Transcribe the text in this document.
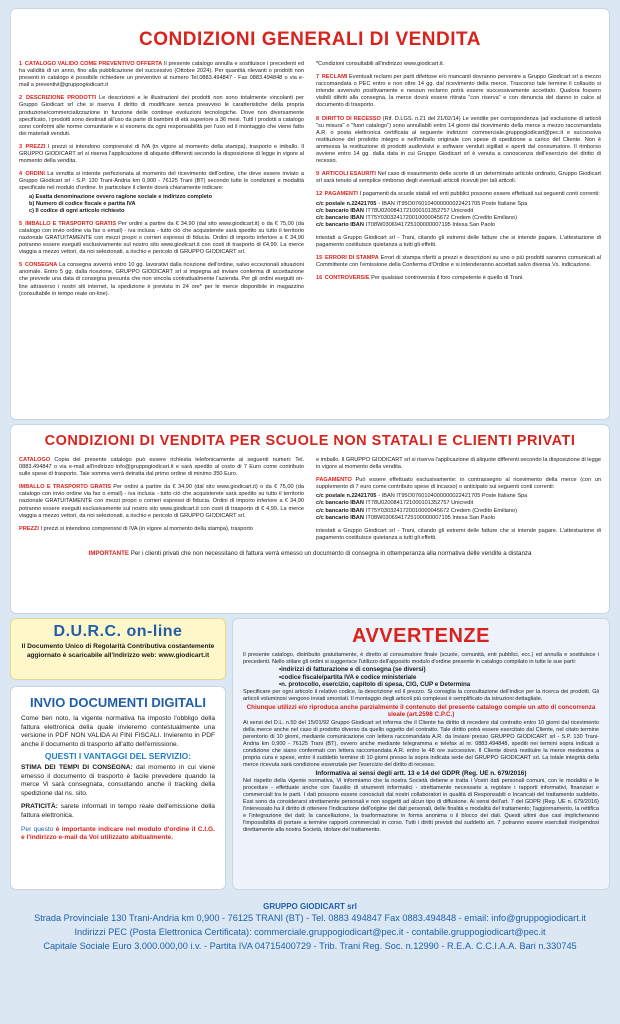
CONDIZIONI GENERALI DI VENDITA

1 CATALOGO VALIDO COME PREVENTIVO OFFERTA Il presente catalogo annulla e sostituisce i precedenti ed ha validità di un anno, fino alla pubblicazione del successivo (Ottobre 2024). Per quantità rilevanti o prodotti non presenti in catalogo è possibile richiedere un preventivo al numero Tel.0883.494847 - Fax 0883.494848 o via e-mail a preventivi@gruppogiodicart.it

2 DESCRIZIONE PRODOTTI Le descrizioni e le illustrazioni dei prodotti non sono totalmente vincolanti per Gruppo Giodicart srl che si riserva il diritto di modificare senza preavviso le caratteristiche della propria produzione/commercializzazione in funzione delle continue evoluzioni tecnologiche. Dove non diversamente specificato, i prodotti sono destinati all'uso da parte di bambini di età superiore a 36 mesi. Tutti i prodotti a catalogo sono conformi alle norme comunitarie e si esonera da ogni responsabilità per l'uso ed il montaggio che viene fatto dei materiali venduti.

3 PREZZI I prezzi si intendono comprensivi di IVA (in vigore al momento della stampa), trasporto e imballo. Il GRUPPO GIODICART srl si riserva l'applicazione di aliquote differenti secondo la disposizione di legge in vigore al momento della vendita.

4 ORDINI La vendita si intende perfezionata al momento del ricevimento dell'ordine, che deve essere inviato a Gruppo Giodicart srl - S.P. 130 Trani-Andria km 0,900 - 76125 Trani (BT) secondo tutte le condizioni e modalità specificate nel modulo d'ordine. In particolare il cliente dovrà chiaramente indicare:
a) Esatta denominazione ovvero ragione sociale e indirizzo completo
b) Numero di codice fiscale e partita IVA
c) Il codice di ogni articolo richiesto

5 IMBALLO E TRASPORTO GRATIS Per ordini a partire da € 34,90 (dal sito www.giodicart.it) o da € 75,00 (da catalogo con invio ordine via fax o email) - iva inclusa - tutto ciò che acquisterete sarà spedito su tutto il territorio nazionale GRATUITAMENTE con mezzi propri o corrieri espressi di fiducia. Ordini di importo inferiore a € 34,90 potranno essere eseguiti esclusivamente sul nostro sito www.giodicart.it con costi di trasporto di €4,99. La merce viaggia a mezzo vettori, da noi selezionati, a rischio e pericolo di GRUPPO GIODICART srl.

5 CONSEGNA La consegna avverrà entro 10 gg. lavorativi dalla ricezione dell'ordine, salvo eccezionali situazioni anomale. Entro 5 gg. dalla ricezione, GRUPPO GIODICART srl si impegna ad inviare conferma di accettazione che prevede una data di consegna presunta che non vincola contrattualmente l'azienda. Per gli ordini eseguiti on-line attraverso i nostri siti internet, la spedizione è prevista in 24 ore* per le merce disponibile in magazzino (consultabile in tempo reale on-line).

*Condizioni consultabili all'indirizzo www.giodicart.it.

7 RECLAMI Eventuali reclami per parti difettose e/o mancanti dovranno pervenire a Gruppo Giodicart srl a mezzo raccomandata o PEC entro e non oltre 14 gg. dal ricevimento della merce. Trascorso tale termine il collaudo si intende avvenuto positivamente e nessun reclamo potrà essere successivamente accettato. Qualora fossero visibili difetti alla consegna, la merce dovrà essere ritirata "con riserva" e con denuncia del danno in calce al documento di trasporto.

8 DIRITTO DI RECESSO (Rif. D.LGS. n.21 del 21/02/14) Le vendite per corrispondenza (ad esclusione di articoli "su misura" o "fuori catalogo") sono annullabili entro 14 giorni dal ricevimento della merce a mezzo raccomandata A.R. o posta elettronica certificata al seguente indirizzo: commerciale.gruppogiodicart@pec.it e successiva restituzione del prodotto integro e nell'imballo originale con spese di spedizione a carico del Cliente. Non è ammessa la restituzione di prodotti audiovisivi e software venduti sigillati e aperti dal consumatore. Il rimborso avviene entro 14 gg. dalla data in cui Gruppo Giodicart srl è venuta a conoscenza dell'esercizio del diritto di recesso.

9 ARTICOLI ESAURITI Nel caso di esaurimento delle scorte di un determinato articolo ordinato, Gruppo Giodicart srl sarà tenuto al semplice rimborso degli eventuali articoli ricevuti per tali articoli.

12 PAGAMENTI I pagamenti da scuole statali ed enti pubblici possono essere effettuati sui seguenti conti correnti:
c/c postale n.22421705 - IBAN IT95O0760104000000022421705 Poste Italiane Spa
c/c bancario IBAN IT78U0200841721000101352757 Unicredit
c/c bancario IBAN IT75Y0303241720010000045672 Credem (Credito Emiliano)
c/c bancario IBAN IT08W0306941725100000007195 Intesa San Paolo

intestati a Gruppo Giodicart srl - Trani, citando gli estremi delle fatture che si intende pagare. L'attestazione di pagamento costituisce quietanza a tutti gli effetti.

15 ERRORI DI STAMPA Errori di stampa riferiti a prezzi e descrizioni su uno o più prodotti saranno comunicati al Committente con l'emissione della Conferma d'Ordine e si intenderanno accettati salvo diversa Vs. indicazione.

16 CONTROVERSIE Per qualsiasi controversia il foro competente è quello di Trani.

CONDIZIONI DI VENDITA PER SCUOLE NON STATALI E CLIENTI PRIVATI

CATALOGO Copia del presente catalogo può essere richiesta telefonicamente ai seguenti numeri: Tel. 0883.494847 o via e-mail all'indirizzo info@gruppogiodicart.it e sarà spedito al costo di 7 Euro come contributo sulle spese di trasporto. Tale somma verrà detratta dal primo ordine di minimo 350 Euro.

IMBALLO E TRASPORTO GRATIS Per ordini a partire da € 34,90 (dal sito www.giodicart.it) o da € 75,00 (da catalogo con invio ordine via fax o email) - iva inclusa - tutto ciò che acquisterete sarà spedito su tutto il territorio nazionale GRATUITAMENTE con mezzi propri o corrieri espressi di fiducia. Ordini di importo inferiore a € 34,90 potranno essere eseguiti esclusivamente sul nostro sito www.giodicart.it con costi di trasporto di € 4,99. La merce viaggia a mezzo vettori, da noi selezionati, a rischio e pericolo di GRUPPO GIODICART srl.

PREZZI I prezzi si intendono comprensivi di IVA (in vigore al momento della stampa), trasporto

e imballo. Il GRUPPO GIODICART srl si riserva l'applicazione di aliquote differenti secondo la disposizione di legge in vigore al momento della vendita.

PAGAMENTO Può essere effettuato esclusivamente: in contrassegno al ricevimento della merce (con un supplemento di 7 euro come contributo spese di incasso) o anticipato sui seguenti conti correnti:
c/c postale n.22421705 - IBAN IT95O0760104000000022421705 Poste Italiane Spa
c/c bancario IBAN IT78U0200841721000101352757 Unicredit
c/c bancario IBAN IT75Y0303241720010000045672 Credem (Credito Emiliano)
c/c bancario IBAN IT08W0306941725100000007195 Intesa San Paolo

intestati a Gruppo Giodicart srl - Trani, citando gli estremi delle fatture che si intende pagare. L'attestazione di pagamento costituisce quietanza a tutti gli effetti.

IMPORTANTE Per i clienti privati che non necessitano di fattura verrà emesso un documento di consegna in ottemperanza alla normativa delle vendite a distanza
D.U.R.C. on-line
Il Documento Unico di Regolarità Contributiva costantemente aggiornato è scaricabile all'indirizzo web: www.giodicart.it
INVIO DOCUMENTI DIGITALI

Come ben noto, la vigente normativa ha imposto l'obbligo della fattura elettronica della quale invieremo contestualmente una versione in PDF NON VALIDA AI FINI FISCALI. Invieremo in PDF anche il documento di trasporto all'atto dell'emissione.

QUESTI I VANTAGGI DEL SERVIZIO:

STIMA DEI TEMPI DI CONSEGNA: dal momento in cui viene emesso il documento di trasporto è facile prevedere quando la merce Vi sarà consegnata, consultando anche il tracking della spedizione dal ns. sito.

PRATICITÀ: sarete informati in tempo reale dell'emissione della fattura elettronica.

Per questo è importante indicare nel modulo d'ordine il C.I.G. e l'indirizzo e-mail da Voi utilizzato abitualmente.

AVVERTENZE

Il presente catalogo, distribuito gratuitamente, è diretto al consumatore finale (scuole, comunità, enti pubblici, ecc.) ed annulla e sostituisce i precedenti. Nello stilare gli ordini si suggerisce l'utilizzo dell'apposito modulo d'ordine presente in catalogo compilato in tutte le sue parti:

• indirizzi di fatturazione e di consegna (se diversi)
• codice fiscale/partita IVA e codice ministeriale
• n. protocollo, esercizio, capitolo di spesa, CIG, CUP e Determina

Specificare per ogni articolo il relativo codice, la descrizione ed il prezzo. Si consiglia la consultazione dell'indice per la ricerca dei prodotti. Gli articoli voluminosi vengono inviati smontati. Il montaggio degli articoli più complessi è semplificato da istruzioni dettagliate.

Chiunque utilizzi e/o riproduca anche parzialmente il contenuto del presente catalogo compie un atto di concorrenza sleale (art.2598 C.P.C.)

Ai sensi del D.L. n.50 del 15/01/92 Gruppo Giodicart srl informa che il Cliente ha diritto di recedere dal contratto entro 10 giorni dal ricevimento della merce anche nel caso di prodotto diverso da quello oggetto del contratto. Tale diritto potrà essere esercitato dal Cliente, nel citato termine perentorio di 10 giorni, mediante comunicazione con lettera raccomandata A.R. da inviare presso GRUPPO GIODICART srl - S.P. 130 Trani-Andria km 0,900 - 76125 Trani (BT), ovvero anche mediante telegramma e telefax al nr. 0883.494848, spediti nei termini sopra indicati a condizione che siano confermati con lettera raccomandata A.R. entro le 48 ore successive. Il Cliente dovrà restituire la merce medesima a propria cura e spese, entro il suddetto termine di 10 giorni presso la sopra indicata sede del GRUPPO GIODICART srl. La totale integrità della merce ricevuta sarà condizione essenziale per l'esercizio del diritto di recesso.

Informativa ai sensi degli artt. 13 e 14 del GDPR (Reg. UE n. 679/2016)

Nel rispetto della vigente normativa, Vi informiamo che la nostra Società detiene e tratta i Vostri dati personali comuni, con le modalità e le procedure - effettuate anche con l'ausilio di strumenti informatici - strettamente necessarie a regolare i rapporti informativi, finanziari e commerciali tra le parti. I dati possono essere conosciuti dai nostri collaboratori in qualità di Responsabili o Incaricati del trattamento suddetto. Essi sono da considerarsi strettamente personali e non soggetti ad alcun tipo di diffusione. Ai sensi dell'art. 7 del GDPR (Reg. UE n. 679/2016) l'interessato ha il diritto di ottenere l'indicazione dell'origine dei dati personali, delle finalità e modalità del trattamento; l'aggiornamento, la rettifica e l'integrazione dei dati; la cancellazione, la trasformazione in forma anonima o il blocco dei dati. Questi ultimi due casi implicheranno l'impossibilità di portare a termine rapporti commerciali in corso. Tutti i diritti previsti dal suddetto art. 7 potranno essere esercitati rivolgendosi direttamente alla nostra Società, titolare del trattamento.

GRUPPO GIODICART srl
Strada Provinciale 130 Trani-Andria km 0,900 - 76125 TRANI (BT) - Tel. 0883 494847 Fax 0883.494848 - email: info@gruppogiodicart.it
Indirizzi PEC (Posta Elettronica Certificata): commerciale.gruppogiodicart@pec.it - contabile.gruppogiodicart@pec.it
Capitale Sociale Euro 3.000.000,00 i.v. - Partita IVA 04715400729 - Trib. Trani Reg. Soc. n.12990 - R.E.A. C.C.I.A.A. Bari n.330745
